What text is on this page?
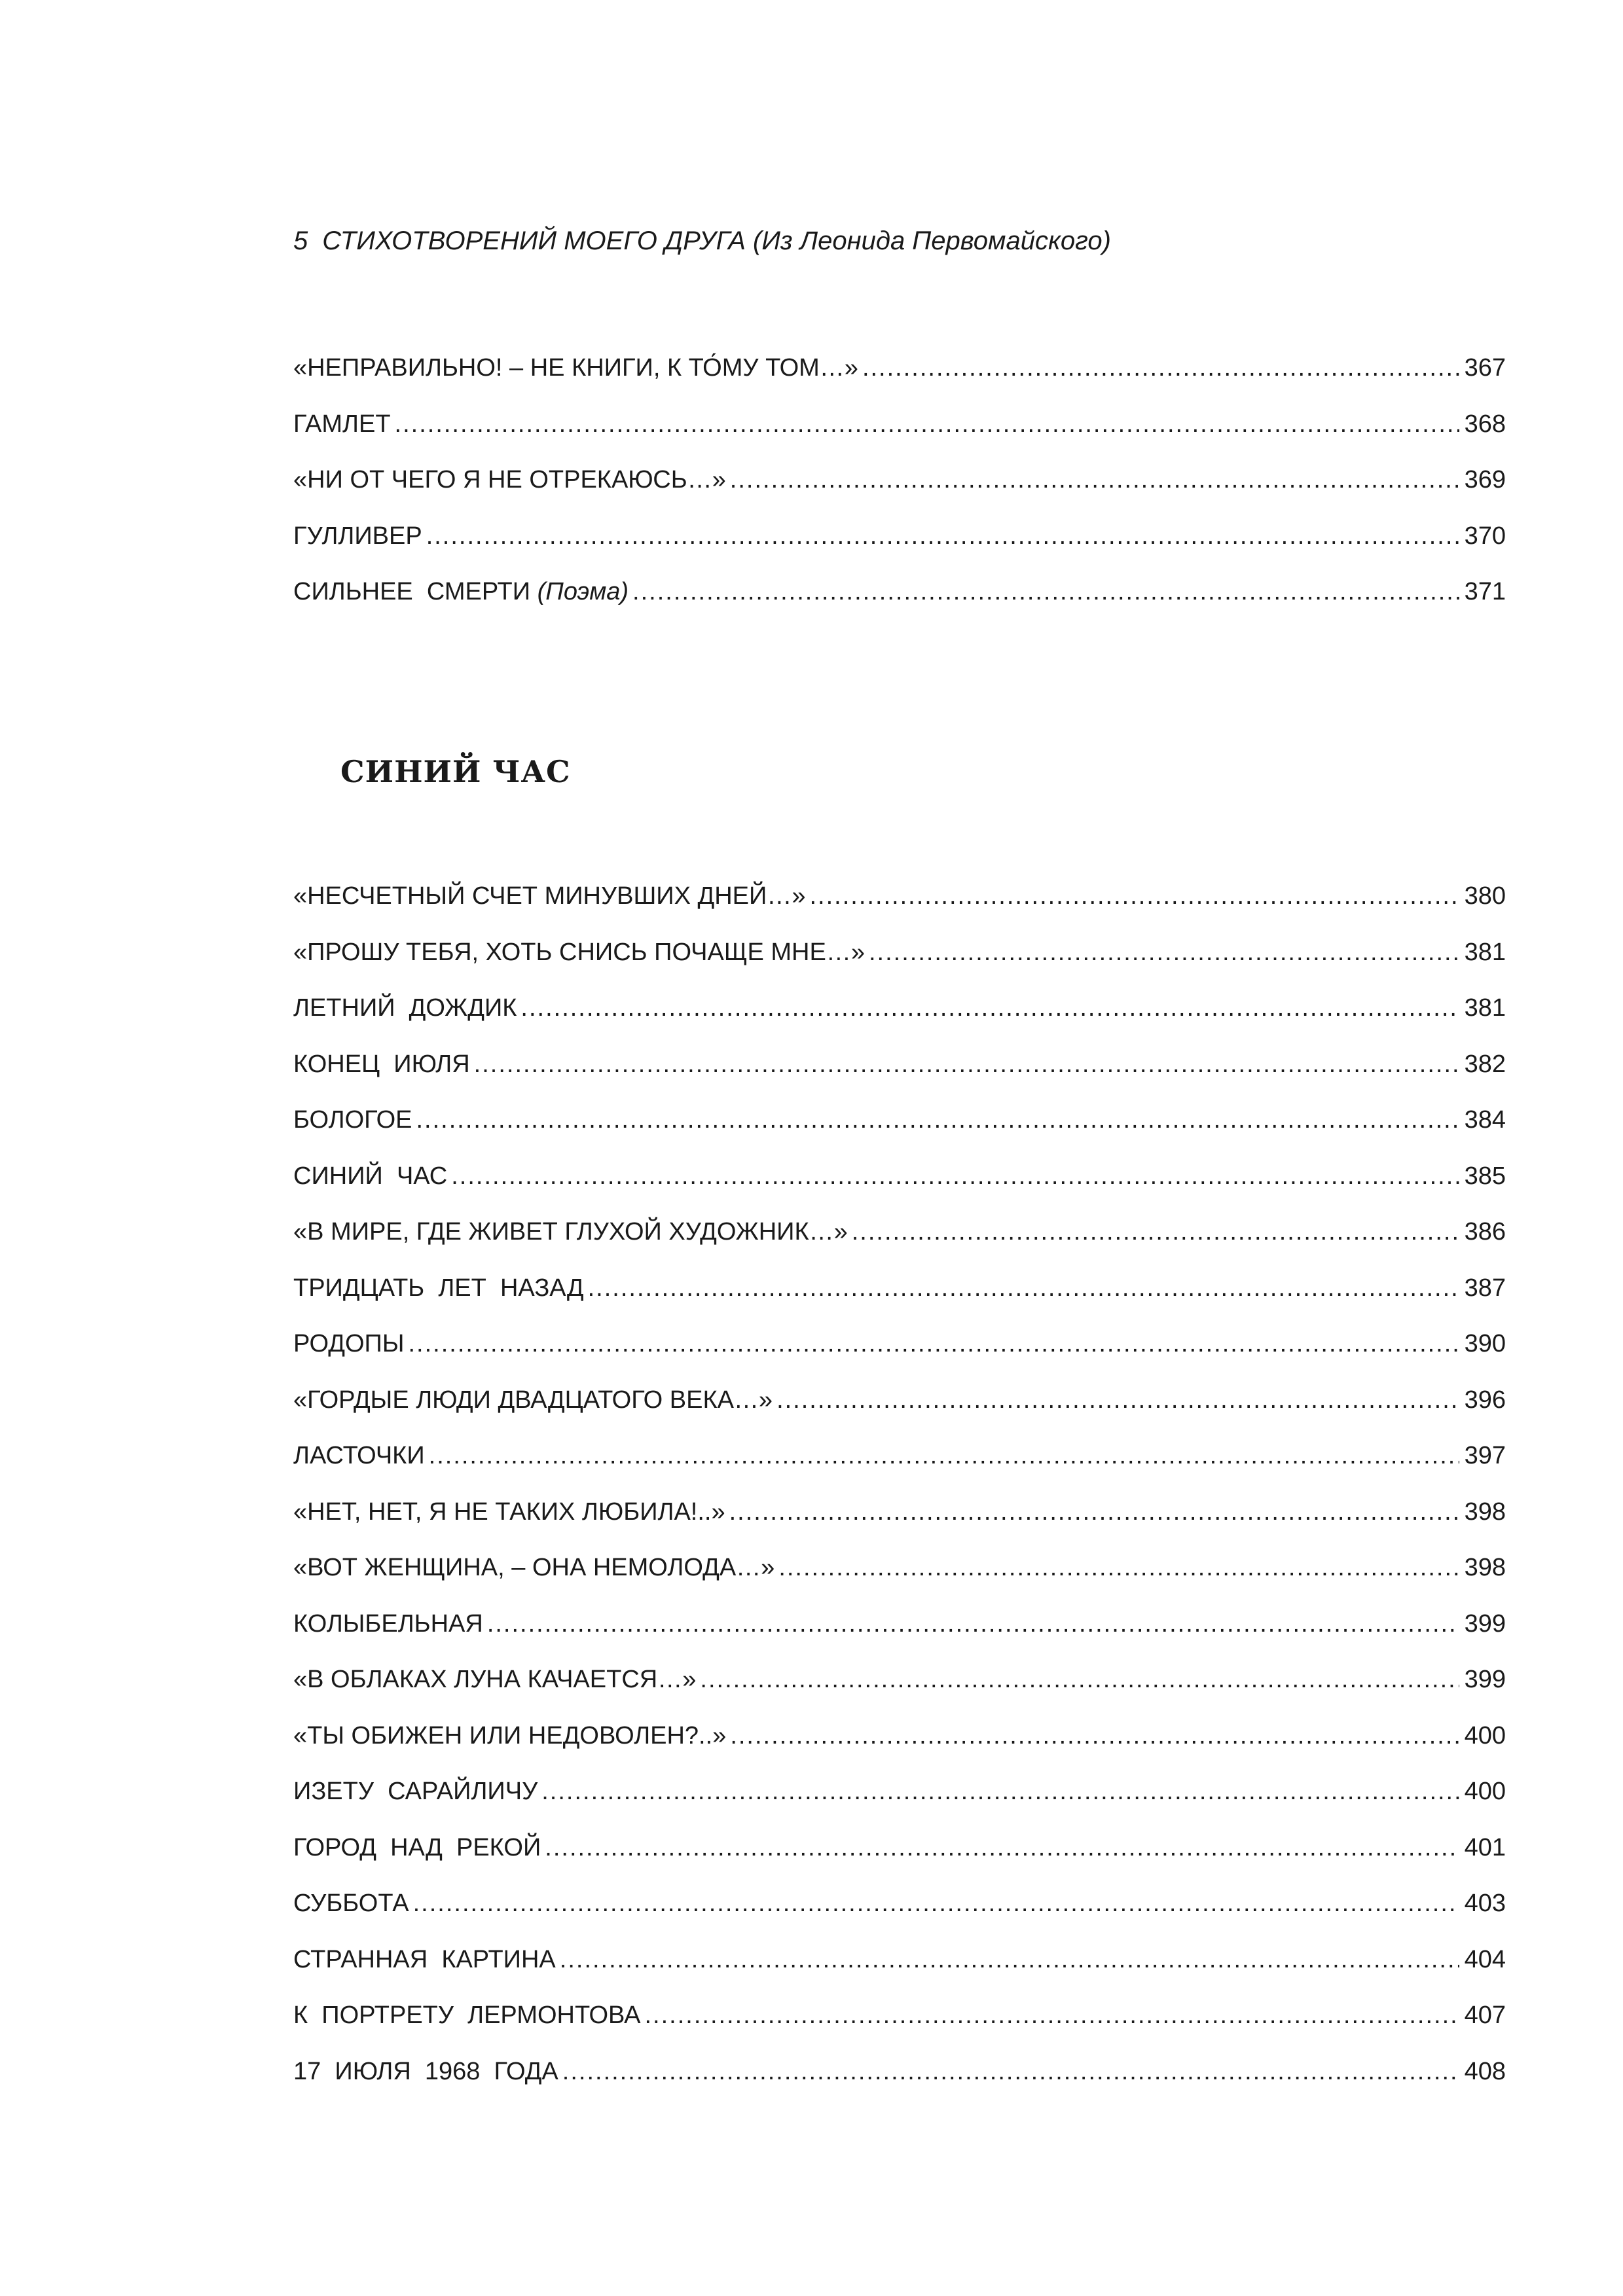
5 СТИХОТВОРЕНИЙ МОЕГО ДРУГА (Из Леонида Первомайского)
«НЕПРАВИЛЬНО! – НЕ КНИГИ, К ТО́МУ ТОМ…» .....	367
ГАМЛЕТ .....	368
«НИ ОТ ЧЕГО Я НЕ ОТРЕКАЮСЬ…» .....	369
ГУЛЛИВЕР .....	370
СИЛЬНЕЕ  СМЕРТИ (Поэма) .....	371
СИНИЙ ЧАС
«НЕСЧЕТНЫЙ СЧЕТ МИНУВШИХ ДНЕЙ…» .....	380
«ПРОШУ ТЕБЯ, ХОТЬ СНИСЬ ПОЧАЩЕ МНЕ…» .....	381
ЛЕТНИЙ  ДОЖДИК .....	381
КОНЕЦ  ИЮЛЯ .....	382
БОЛОГОЕ .....	384
СИНИЙ  ЧАС .....	385
«В МИРЕ, ГДЕ ЖИВЕТ ГЛУХОЙ ХУДОЖНИК…» .....	386
ТРИДЦАТЬ  ЛЕТ  НАЗАД .....	387
РОДОПЫ .....	390
«ГОРДЫЕ ЛЮДИ ДВАДЦАТОГО ВЕКА…» .....	396
ЛАСТОЧКИ .....	397
«НЕТ, НЕТ, Я НЕ ТАКИХ ЛЮБИЛА!..» .....	398
«ВОТ ЖЕНЩИНА, – ОНА НЕМОЛОДА…» .....	398
КОЛЫБЕЛЬНАЯ .....	399
«В ОБЛАКАХ ЛУНА КАЧАЕТСЯ…» .....	399
«ТЫ ОБИЖЕН ИЛИ НЕДОВОЛЕН?..» .....	400
ИЗЕТУ  САРАЙЛИЧУ .....	400
ГОРОД  НАД  РЕКОЙ .....	401
СУББОТА .....	403
СТРАННАЯ  КАРТИНА .....	404
К  ПОРТРЕТУ  ЛЕРМОНТОВА .....	407
17  ИЮЛЯ  1968  ГОДА .....	408
